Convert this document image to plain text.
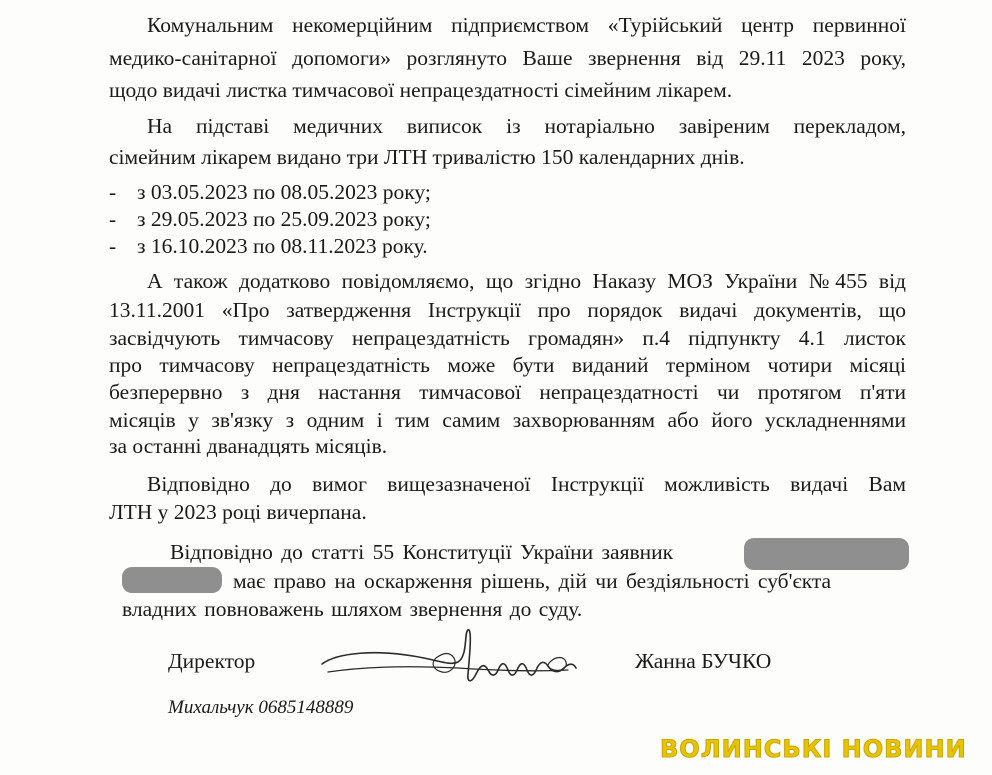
Комунальним некомерційним підприємством «Турійський центр первинної
медико-санітарної допомоги» розглянуто Ваше звернення від 29.11 2023 року,
щодо видачі листка тимчасової непрацездатності сімейним лікарем.
На підставі медичних виписок із нотаріально завіреним перекладом,
сімейним лікарем видано три ЛТН тривалістю 150 календарних днів.
- з 03.05.2023 по 08.05.2023 року;
- з 29.05.2023 по 25.09.2023 року;
- з 16.10.2023 по 08.11.2023 року.
А також додатково повідомляємо, що згідно Наказу МОЗ України №455 від
13.11.2001 «Про затвердження Інструкції про порядок видачі документів, що
засвідчують тимчасову непрацездатність громадян» п.4 підпункту 4.1 листок
про тимчасову непрацездатність може бути виданий терміном чотири місяці
безперервно з дня настання тимчасової непрацездатності чи протягом п'яти
місяців у зв'язку з одним і тим самим захворюванням або його ускладненнями
за останні дванадцять місяців.
Відповідно до вимог вищезазначеної Інструкції можливість видачі Вам
ЛТН у 2023 році вичерпана.
Відповідно до статті 55 Конституції України заявник
має право на оскарження рішень, дій чи бездіяльності суб'єкта
владних повноважень шляхом звернення до суду.
Директор	Жанна БУЧКО
Михальчук 0685148889
ВОЛИНСЬКІ НОВИНИ
